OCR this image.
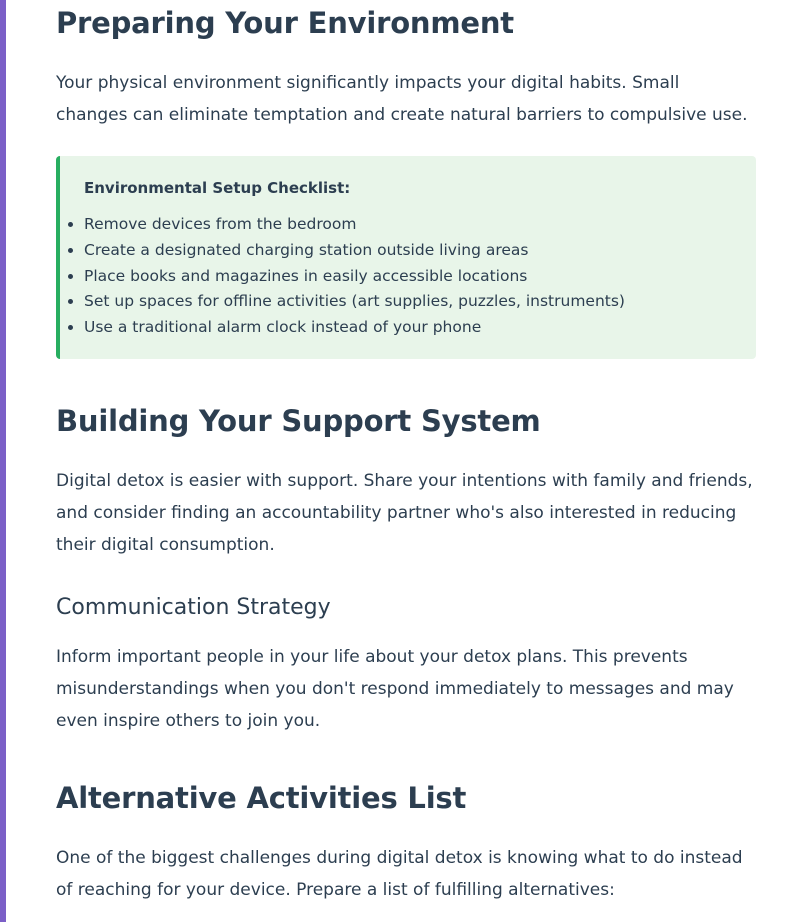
Preparing Your Environment

Your physical environment significantly impacts your digital habits. Small changes can eliminate temptation and create natural barriers to compulsive use.

Environmental Setup Checklist:
• Remove devices from the bedroom
• Create a designated charging station outside living areas
• Place books and magazines in easily accessible locations
• Set up spaces for offline activities (art supplies, puzzles, instruments)
• Use a traditional alarm clock instead of your phone
Building Your Support System

Digital detox is easier with support. Share your intentions with family and friends, and consider finding an accountability partner who's also interested in reducing their digital consumption.

Communication Strategy

Inform important people in your life about your detox plans. This prevents misunderstandings when you don't respond immediately to messages and may even inspire others to join you.

Alternative Activities List

One of the biggest challenges during digital detox is knowing what to do instead of reaching for your device. Prepare a list of fulfilling alternatives:
